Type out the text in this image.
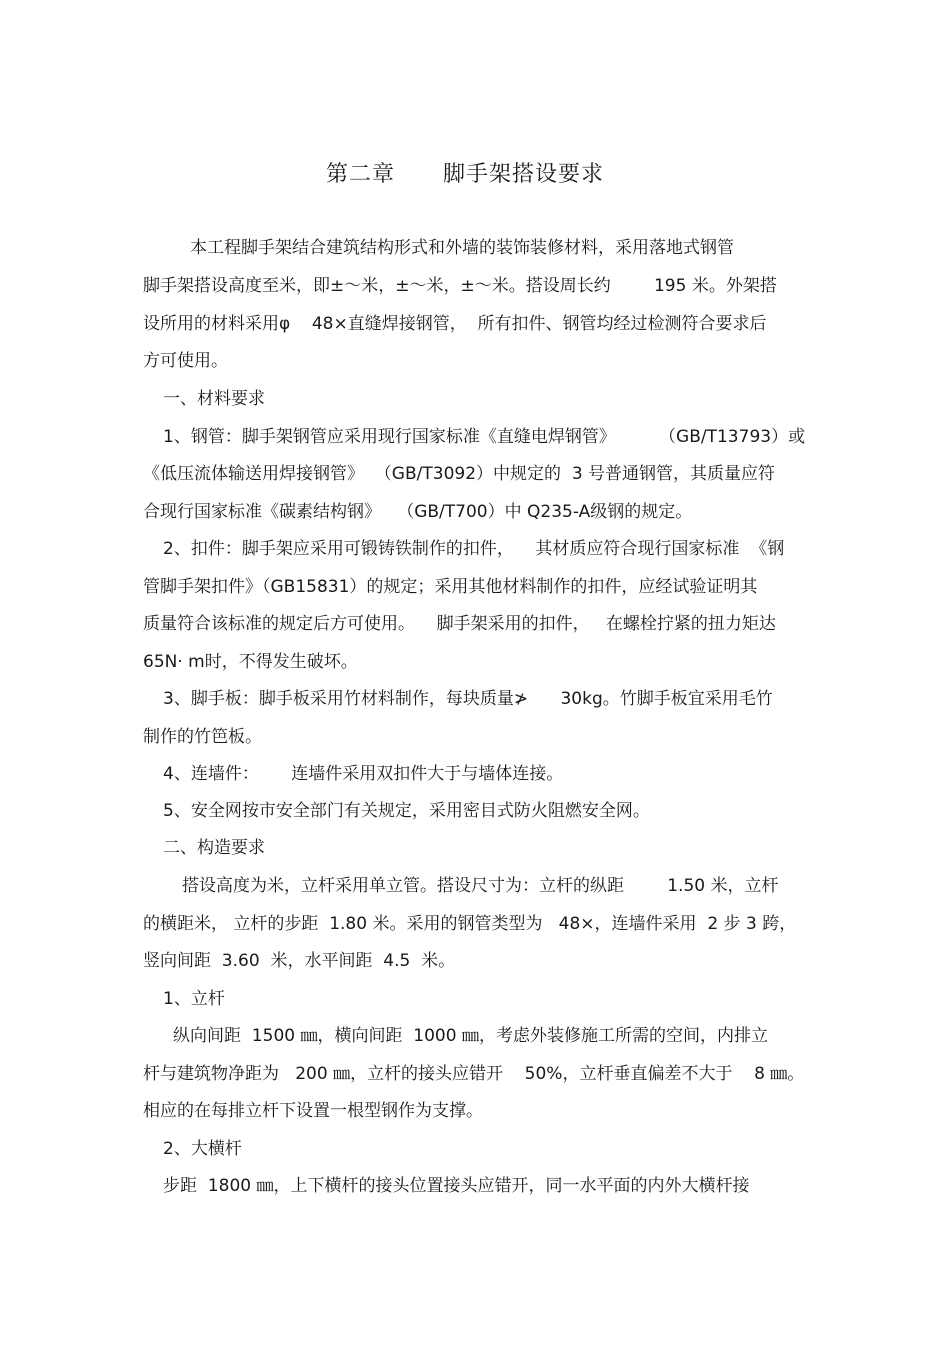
第二章      脚手架搭设要求
本工程脚手架结合建筑结构形式和外墙的装饰装修材料，采用落地式钢管
脚手架搭设高度至米，即±～米，±～米，±～米。搭设周长约        195 米。外架搭
设所用的材料采用φ    48×直缝焊接钢管，  所有扣件、钢管均经过检测符合要求后
方可使用。
一、材料要求
1、钢管：脚手架钢管应采用现行国家标准《直缝电焊钢管》        （GB/T13793）或
《低压流体输送用焊接钢管》  （GB/T3092）中规定的  3 号普通钢管，其质量应符
合现行国家标准《碳素结构钢》   （GB/T700）中 Q235-A级钢的规定。
2、扣件：脚手架应采用可锻铸铁制作的扣件，    其材质应符合现行国家标准  《钢
管脚手架扣件》（GB15831）的规定；采用其他材料制作的扣件，应经试验证明其
质量符合该标准的规定后方可使用。    脚手架采用的扣件，   在螺栓拧紧的扭力矩达
65N· m时，不得发生破坏。
3、脚手板：脚手板采用竹材料制作，每块质量≯      30kg。竹脚手板宜采用毛竹
制作的竹笆板。
4、连墙件：      连墙件采用双扣件大于与墙体连接。
5、安全网按市安全部门有关规定，采用密目式防火阻燃安全网。
二、构造要求
搭设高度为米，立杆采用单立管。搭设尺寸为：立杆的纵距        1.50 米，立杆
的横距米， 立杆的步距  1.80 米。采用的钢管类型为   48×，连墙件采用  2 步 3 跨，
竖向间距  3.60  米，水平间距  4.5  米。
1、立杆
纵向间距  1500 ㎜，横向间距  1000 ㎜，考虑外装修施工所需的空间，内排立
杆与建筑物净距为   200 ㎜，立杆的接头应错开    50%，立杆垂直偏差不大于    8 ㎜。
相应的在每排立杆下设置一根型钢作为支撑。
2、大横杆
步距  1800 ㎜，上下横杆的接头位置接头应错开，同一水平面的内外大横杆接
